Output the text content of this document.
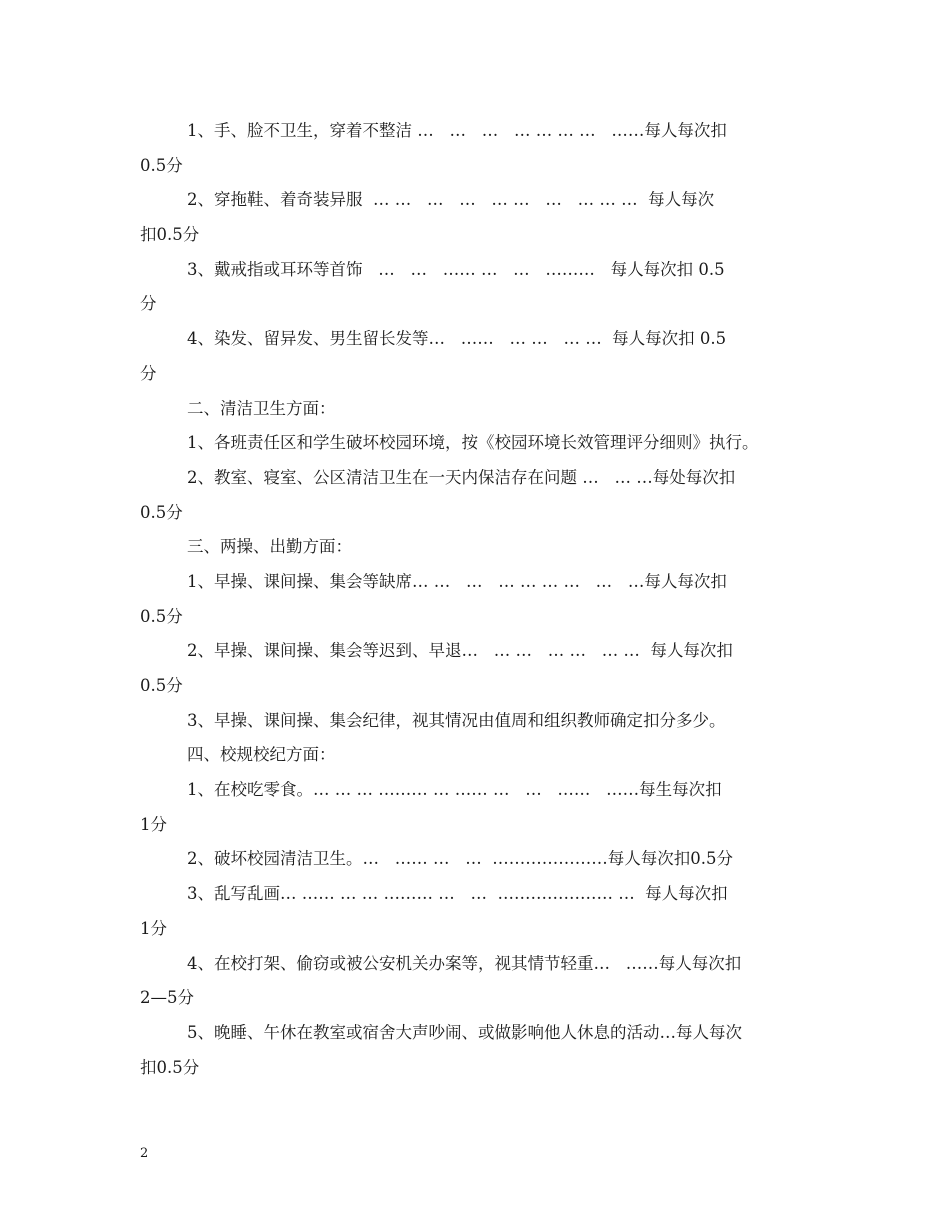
1、手、脸不卫生，穿着不整洁 …   …   …   … … … …   ……每人每次扣
0.5分
2、穿拖鞋、着奇装异服  … …   …   …   … …   …   … … …  每人每次
扣0.5分
3、戴戒指或耳环等首饰   …   …   …… …   …   ………   每人每次扣 0.5
分
4、染发、留异发、男生留长发等…   ……   … …   … …  每人每次扣 0.5
分
二、清洁卫生方面：
1、各班责任区和学生破坏校园环境，按《校园环境长效管理评分细则》执行。
2、教室、寝室、公区清洁卫生在一天内保洁存在问题 …   … …每处每次扣
0.5分
三、两操、出勤方面：
1、早操、课间操、集会等缺席… …   …   … … … …   …   …每人每次扣
0.5分
2、早操、课间操、集会等迟到、早退…   … …   … …   … …  每人每次扣
0.5分
3、早操、课间操、集会纪律，视其情况由值周和组织教师确定扣分多少。
四、校规校纪方面：
1、在校吃零食。… … … ……… … …… …   …   ……   ……每生每次扣
1分
2、破坏校园清洁卫生。…   …… …   …  …………………每人每次扣0.5分
3、乱写乱画… …… … … ……… …   …  ………………… …  每人每次扣
1分
4、在校打架、偷窃或被公安机关办案等，视其情节轻重…   ……每人每次扣
2—5分
5、晚睡、午休在教室或宿舍大声吵闹、或做影响他人休息的活动…每人每次
扣0.5分
2
